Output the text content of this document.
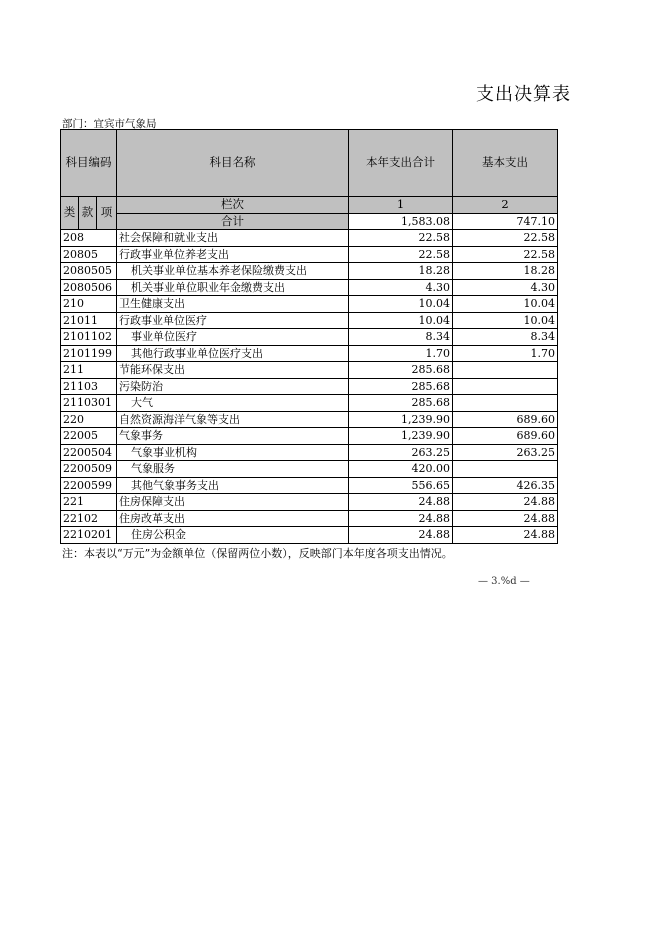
支出决算表
部门：宜宾市气象局
科目编码			科目名称	本年支出合计	基本支出

类	款	项	栏次	1	2
			合计	1,583.08	747.10
208			社会保障和就业支出	22.58	22.58
20805			行政事业单位养老支出	22.58	22.58
2080505			机关事业单位基本养老保险缴费支出	18.28	18.28
2080506			机关事业单位职业年金缴费支出	4.30	4.30
210			卫生健康支出	10.04	10.04
21011			行政事业单位医疗	10.04	10.04
2101102			事业单位医疗	8.34	8.34
2101199			其他行政事业单位医疗支出	1.70	1.70
211			节能环保支出	285.68	
21103			污染防治	285.68	
2110301			大气	285.68	
220			自然资源海洋气象等支出	1,239.90	689.60
22005			气象事务	1,239.90	689.60
2200504			气象事业机构	263.25	263.25
2200509			气象服务	420.00	
2200599			其他气象事务支出	556.65	426.35
221			住房保障支出	24.88	24.88
22102			住房改革支出	24.88	24.88
2210201			住房公积金	24.88	24.88
注：本表以“万元”为金额单位（保留两位小数），反映部门本年度各项支出情况。
— 3.%d —
